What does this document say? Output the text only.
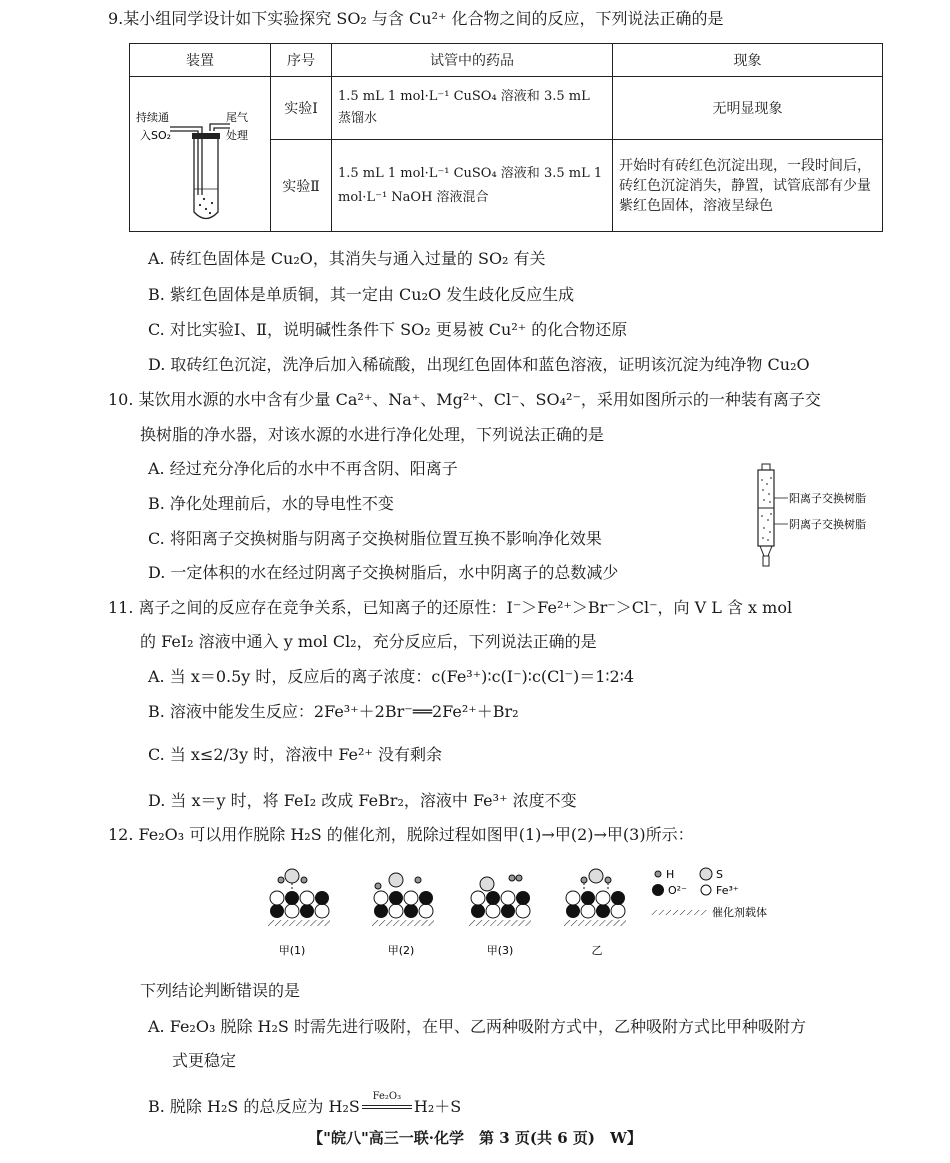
9.某小组同学设计如下实验探究 SO₂ 与含 Cu²⁺ 化合物之间的反应，下列说法正确的是
装置	序号	试管中的药品	现象

持续通
入SO₂
尾气
处理	实验Ⅰ	1.5 mL 1 mol·L⁻¹ CuSO₄ 溶液和 3.5 mL 蒸馏水	无明显现象
	实验Ⅱ	1.5 mL 1 mol·L⁻¹ CuSO₄ 溶液和 3.5 mL 1 mol·L⁻¹ NaOH 溶液混合	开始时有砖红色沉淀出现，一段时间后，砖红色沉淀消失，静置，试管底部有少量紫红色固体，溶液呈绿色
A. 砖红色固体是 Cu₂O，其消失与通入过量的 SO₂ 有关
B. 紫红色固体是单质铜，其一定由 Cu₂O 发生歧化反应生成
C. 对比实验Ⅰ、Ⅱ，说明碱性条件下 SO₂ 更易被 Cu²⁺ 的化合物还原
D. 取砖红色沉淀，洗净后加入稀硫酸，出现红色固体和蓝色溶液，证明该沉淀为纯净物 Cu₂O
10. 某饮用水源的水中含有少量 Ca²⁺、Na⁺、Mg²⁺、Cl⁻、SO₄²⁻，采用如图所示的一种装有离子交
换树脂的净水器，对该水源的水进行净化处理，下列说法正确的是
A. 经过充分净化后的水中不再含阴、阳离子
B. 净化处理前后，水的导电性不变
C. 将阳离子交换树脂与阴离子交换树脂位置互换不影响净化效果
D. 一定体积的水在经过阴离子交换树脂后，水中阴离子的总数减少
阳离子交换树脂
阴离子交换树脂
11. 离子之间的反应存在竞争关系，已知离子的还原性：I⁻＞Fe²⁺＞Br⁻＞Cl⁻，向 V L 含 x mol
的 FeI₂ 溶液中通入 y mol Cl₂，充分反应后，下列说法正确的是
A. 当 x＝0.5y 时，反应后的离子浓度：c(Fe³⁺)∶c(I⁻)∶c(Cl⁻)＝1∶2∶4
B. 溶液中能发生反应：2Fe³⁺＋2Br⁻══2Fe²⁺＋Br₂
C. 当 x≤2/3y 时，溶液中 Fe²⁺ 没有剩余
D. 当 x＝y 时，将 FeI₂ 改成 FeBr₂，溶液中 Fe³⁺ 浓度不变
12. Fe₂O₃ 可以用作脱除 H₂S 的催化剂，脱除过程如图甲(1)→甲(2)→甲(3)所示：
甲(1)	甲(2)	甲(3)	乙
H	S
O²⁻	Fe³⁺
催化剂载体
下列结论判断错误的是
A. Fe₂O₃ 脱除 H₂S 时需先进行吸附，在甲、乙两种吸附方式中，乙种吸附方式比甲种吸附方
式更稳定
B. 脱除 H₂S 的总反应为 H₂S
Fe₂O₃
H₂＋S
【"皖八"高三一联·化学　第 3 页(共 6 页)　W】
